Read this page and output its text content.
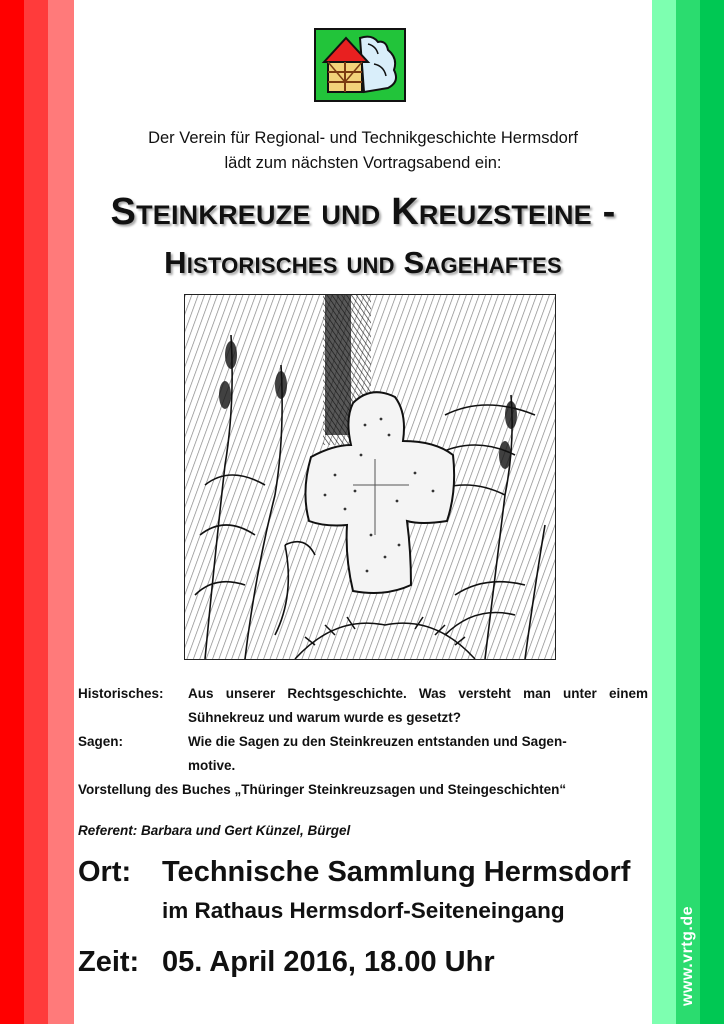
Der Verein für Regional- und Technikgeschichte Hermsdorf
lädt zum nächsten Vortragsabend ein:
Steinkreuze und Kreuzsteine -
Historisches und Sagehaftes
Historisches: Aus unserer Rechtsgeschichte. Was versteht man unter einem
Sühnekreuz und warum wurde es gesetzt?
Sagen:	Wie die Sagen zu den Steinkreuzen entstanden und Sagen-
motive.
Vorstellung des Buches „Thüringer Steinkreuzsagen und Steingeschichten“
Referent: Barbara und Gert Künzel, Bürgel
Ort: Technische Sammlung Hermsdorf
im Rathaus Hermsdorf-Seiteneingang
Zeit: 05. April 2016, 18.00 Uhr	www.vrtg.de
